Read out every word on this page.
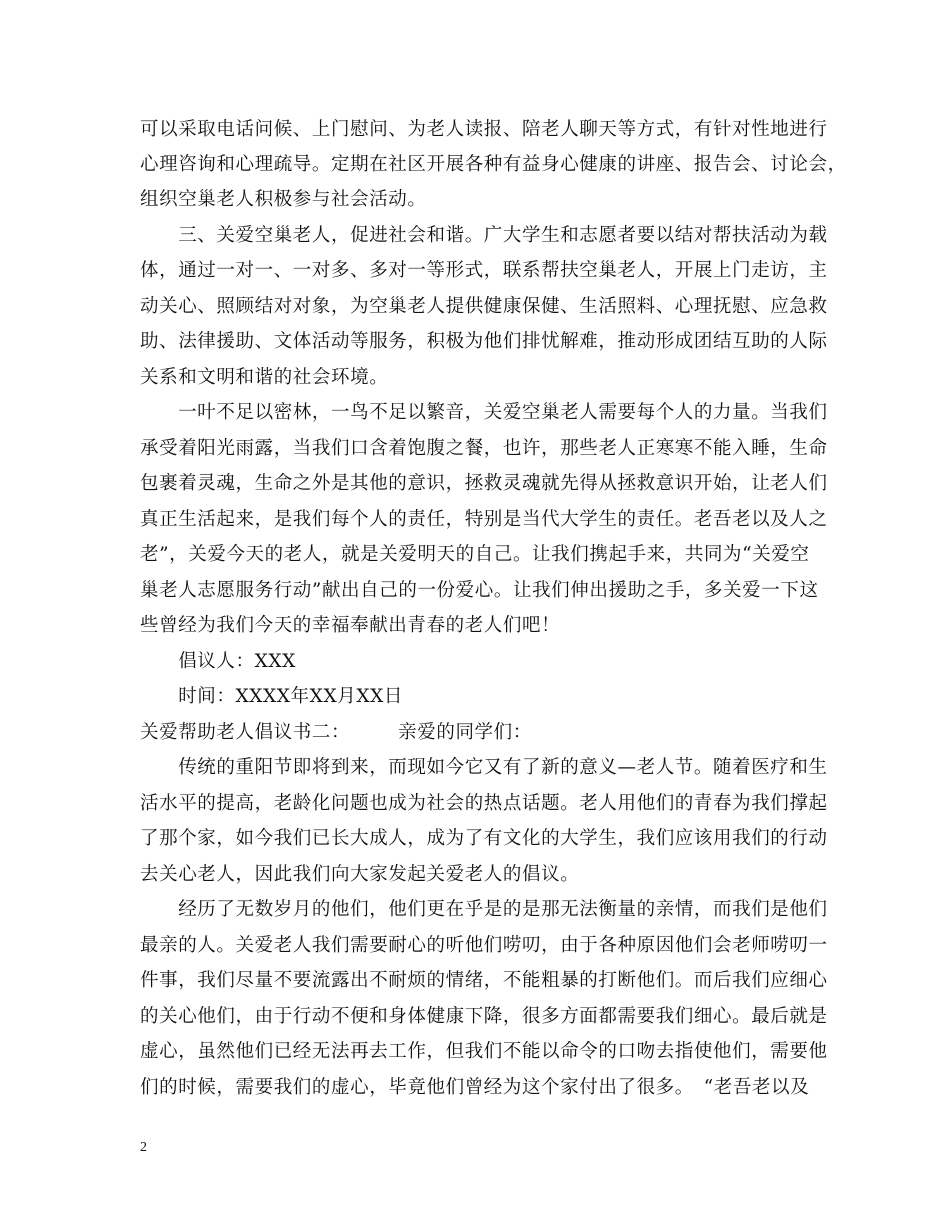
可以采取电话问候、上门慰问、为老人读报、陪老人聊天等方式，有针对性地进行
心理咨询和心理疏导。定期在社区开展各种有益身心健康的讲座、报告会、讨论会，
组织空巢老人积极参与社会活动。
　　三、关爱空巢老人，促进社会和谐。广大学生和志愿者要以结对帮扶活动为载
体，通过一对一、一对多、多对一等形式，联系帮扶空巢老人，开展上门走访，主
动关心、照顾结对对象，为空巢老人提供健康保健、生活照料、心理抚慰、应急救
助、法律援助、文体活动等服务，积极为他们排忧解难，推动形成团结互助的人际
关系和文明和谐的社会环境。
　　一叶不足以密林，一鸟不足以繁音，关爱空巢老人需要每个人的力量。当我们
承受着阳光雨露，当我们口含着饱腹之餐，也许，那些老人正寒寒不能入睡，生命
包裹着灵魂，生命之外是其他的意识，拯救灵魂就先得从拯救意识开始，让老人们
真正生活起来，是我们每个人的责任，特别是当代大学生的责任。老吾老以及人之
老”，关爱今天的老人，就是关爱明天的自己。让我们携起手来，共同为“关爱空
巢老人志愿服务行动”献出自己的一份爱心。让我们伸出援助之手，多关爱一下这
些曾经为我们今天的幸福奉献出青春的老人们吧！
　　倡议人：XXX
　　时间：XXXX年XX月XX日
关爱帮助老人倡议书二：　　　亲爱的同学们：
　　传统的重阳节即将到来，而现如今它又有了新的意义—老人节。随着医疗和生
活水平的提高，老龄化问题也成为社会的热点话题。老人用他们的青春为我们撑起
了那个家，如今我们已长大成人，成为了有文化的大学生，我们应该用我们的行动
去关心老人，因此我们向大家发起关爱老人的倡议。
　　经历了无数岁月的他们，他们更在乎是的是那无法衡量的亲情，而我们是他们
最亲的人。关爱老人我们需要耐心的听他们唠叨，由于各种原因他们会老师唠叨一
件事，我们尽量不要流露出不耐烦的情绪，不能粗暴的打断他们。而后我们应细心
的关心他们，由于行动不便和身体健康下降，很多方面都需要我们细心。最后就是
虚心，虽然他们已经无法再去工作，但我们不能以命令的口吻去指使他们，需要他
们的时候，需要我们的虚心，毕竟他们曾经为这个家付出了很多。　“老吾老以及
2
